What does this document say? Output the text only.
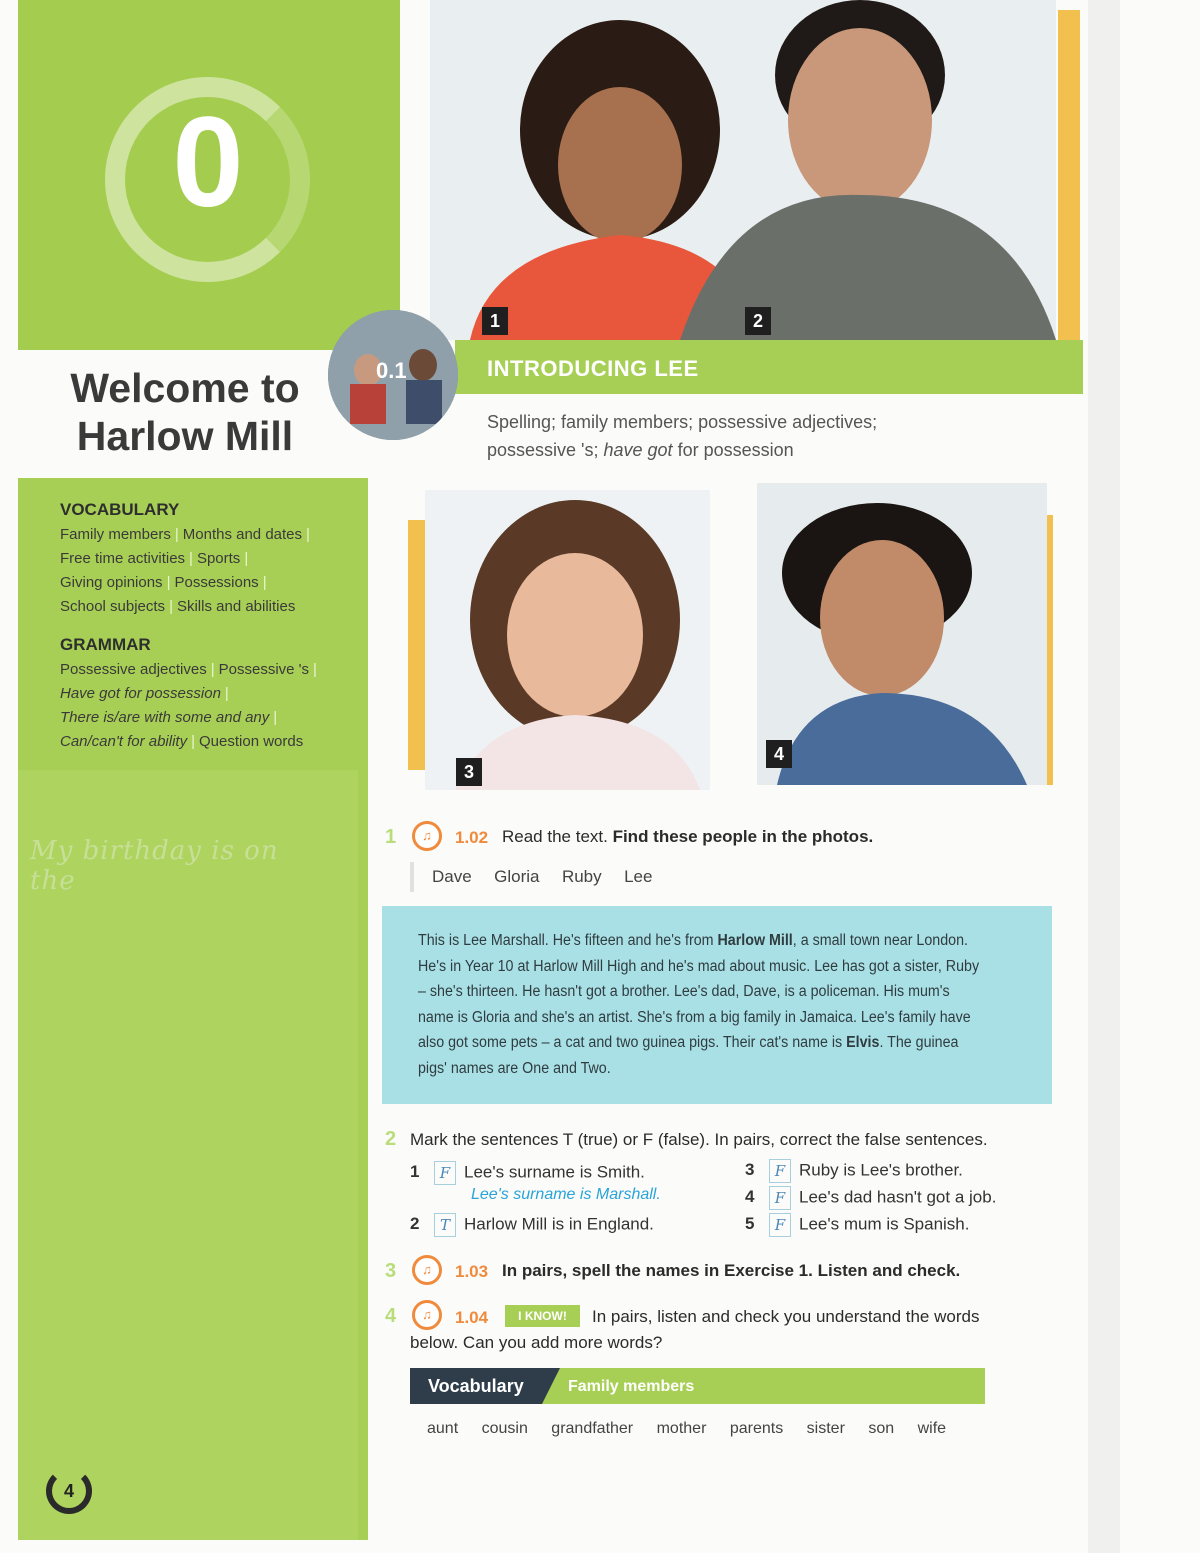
0
Welcome to
Harlow Mill
VOCABULARY
Family members | Months and dates |
Free time activities | Sports |
Giving opinions | Possessions |
School subjects | Skills and abilities
GRAMMAR
Possessive adjectives | Possessive 's |
Have got for possession |
There is/are with some and any |
Can/can't for ability | Question words
My birthday is on the
4
1	2
3
4
0.1	INTRODUCING LEE
Spelling; family members; possessive adjectives;
possessive 's; have got for possession
1	♫	1.02 Read the text. Find these people in the photos.
Dave Gloria Ruby Lee
This is Lee Marshall. He's fifteen and he's from Harlow Mill, a small town near London. He's in Year 10 at Harlow Mill High and he's mad about music. Lee has got a sister, Ruby – she's thirteen. He hasn't got a brother. Lee's dad, Dave, is a policeman. His mum's name is Gloria and she's an artist. She's from a big family in Jamaica. Lee's family have also got some pets – a cat and two guinea pigs. Their cat's name is Elvis. The guinea pigs' names are One and Two.
2 Mark the sentences T (true) or F (false). In pairs, correct the false sentences.
1 F Lee's surname is Smith.
Lee's surname is Marshall.
2 T Harlow Mill is in England.
3 F Ruby is Lee's brother.
4 F Lee's dad hasn't got a job.
5 F Lee's mum is Spanish.
3	♫	1.03 In pairs, spell the names in Exercise 1. Listen and check.
4	♫	1.04	I KNOW!	In pairs, listen and check you understand the words
below. Can you add more words?
Vocabulary	Family members
aunt cousin grandfather mother parents sister son wife
